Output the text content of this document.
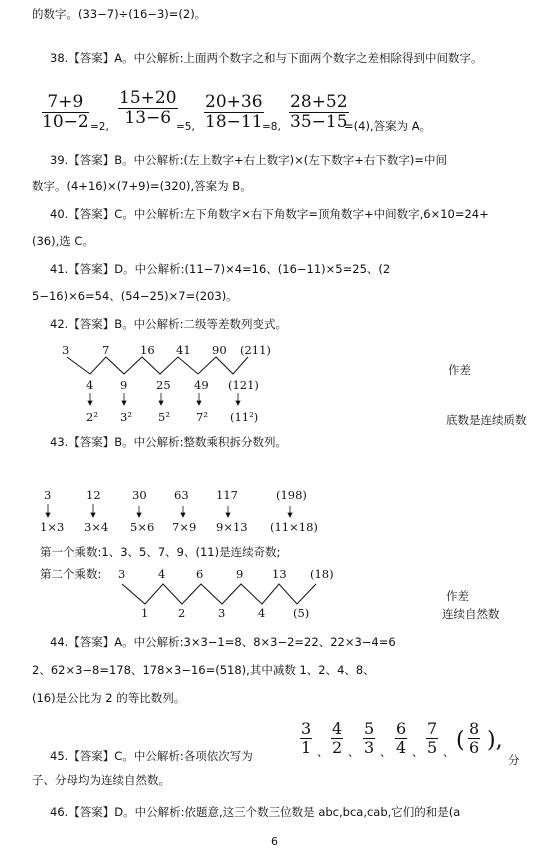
的数字。(33−7)÷(16−3)=(2)。
38.【答案】A。中公解析:上面两个数字之和与下面两个数字之差相除得到中间数字。
$\frac{7+9}{10-2} =2$, $\frac{15+20}{13-6}$
=5, $\frac{20+36}{18-11}$
=8, $\frac{28+52}{35-15}$
=(4),答案为 A。
39.【答案】B。中公解析:(左上数字+右上数字)×(左下数字+右下数字)=中间
数字。(4+16)×(7+9)=(320),答案为 B。
40.【答案】C。中公解析:左下角数字×右下角数字=顶角数字+中间数字,6×10=24+
(36),选 C。
41.【答案】D。中公解析:(11−7)×4=16、(16−11)×5=25、(2
5−16)×6=54、(54−25)×7=(203)。
42.【答案】B。中公解析:二级等差数列变式。
3	7	16 41 90 (211)
4 9 25 49 (121)
2² 3² 5² 7² (11²)
作差
底数是连续质数
43.【答案】B。中公解析:整数乘积拆分数列。
3	12	30 63 117	(198)
1×3 3×4 5×6 7×9 9×13 (11×18)
第一个乘数:1、3、5、7、9、(11)是连续奇数;
第二个乘数: 3	4	6	9 13 (18)
1	2	3	4 (5)
作差
连续自然数
44.【答案】A。中公解析:3×3−1=8、8×3−2=22、22×3−4=6
2、62×3−8=178、178×3−16=(518),其中减数 1、2、4、8、
(16)是公比为 2 的等比数列。
45.【答案】C。中公解析:各项依次写为	$\frac{3}{1}$ 、 $\frac{4}{2}$ 、 $\frac{5}{3}$ 、 $\frac{6}{4}$ 、 $\frac{7}{5}$ 、 ( $\frac{8}{6}$ ),
分
子、分母均为连续自然数。
46.【答案】D。中公解析:依题意,这三个数三位数是 abc,bca,cab,它们的和是(a
6
